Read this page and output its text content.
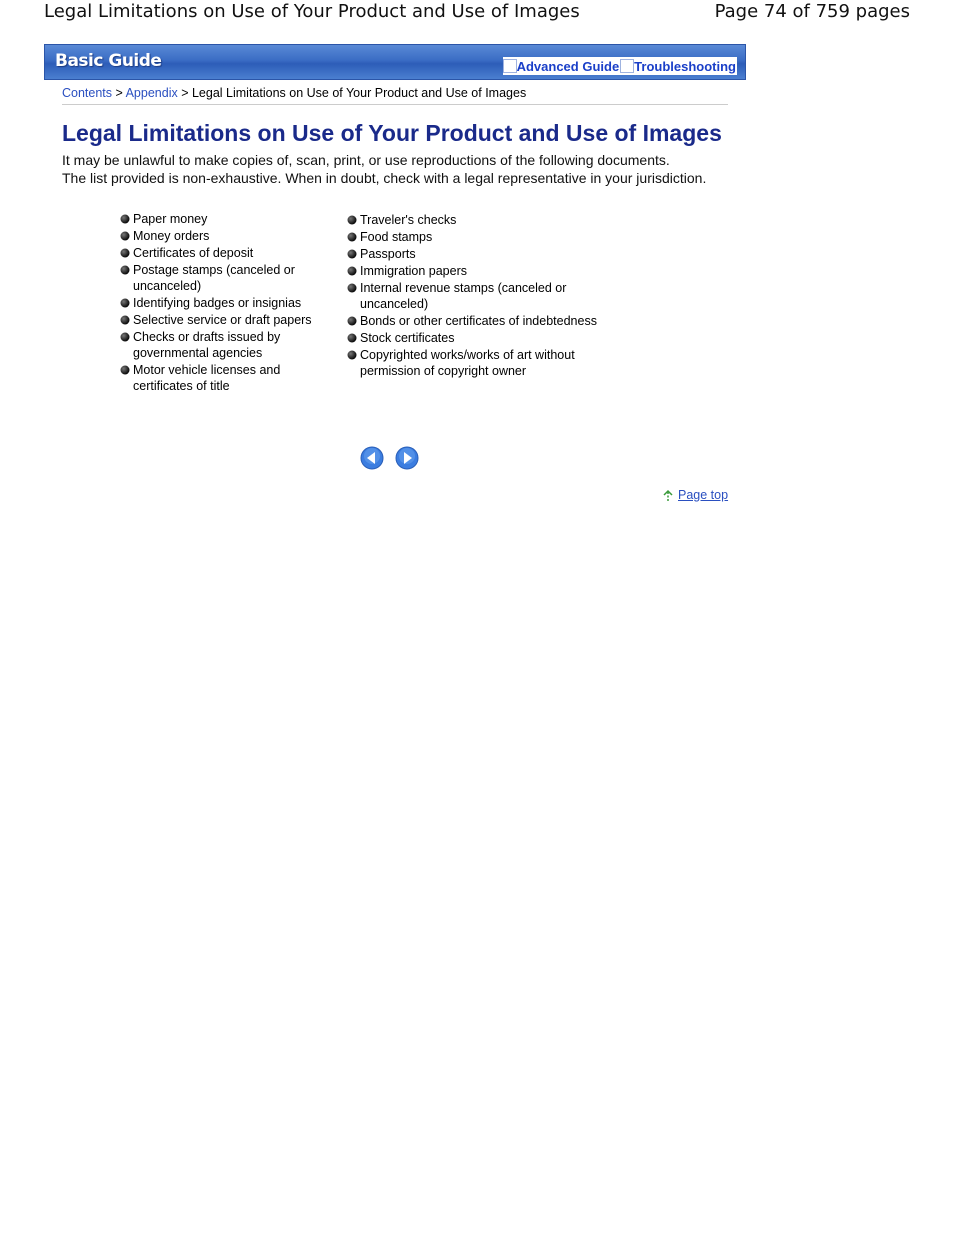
Legal Limitations on Use of Your Product and Use of Images	Page 74 of 759 pages
Basic Guide	Advanced Guide Troubleshooting
Contents > Appendix > Legal Limitations on Use of Your Product and Use of Images
Legal Limitations on Use of Your Product and Use of Images

It may be unlawful to make copies of, scan, print, or use reproductions of the following documents.

The list provided is non-exhaustive. When in doubt, check with a legal representative in your jurisdiction.

Paper money
Money orders
Certificates of deposit
Postage stamps (canceled or uncanceled)
Identifying badges or insignias
Selective service or draft papers
Checks or drafts issued by governmental agencies
Motor vehicle licenses and certificates of title
Traveler's checks
Food stamps
Passports
Immigration papers
Internal revenue stamps (canceled or uncanceled)
Bonds or other certificates of indebtedness
Stock certificates
Copyrighted works/works of art without permission of copyright owner
Page top
